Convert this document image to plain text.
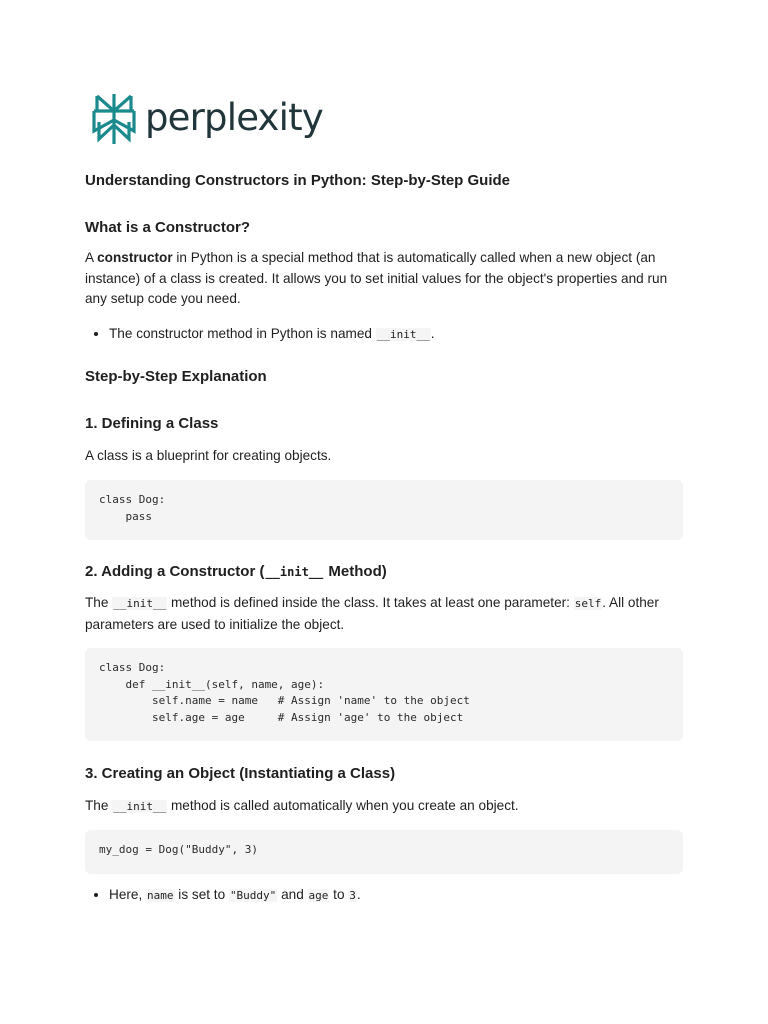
perplexity
Understanding Constructors in Python: Step-by-Step Guide
What is a Constructor?

A constructor in Python is a special method that is automatically called when a new object (an instance) of a class is created. It allows you to set initial values for the object's properties and run any setup code you need.

• The constructor method in Python is named __init__.
Step-by-Step Explanation
1. Defining a Class

A class is a blueprint for creating objects.

class Dog:
pass
2. Adding a Constructor (__init__ Method)

The __init__ method is defined inside the class. It takes at least one parameter: self. All other parameters are used to initialize the object.

class Dog:
def __init__(self, name, age):
self.name = name   # Assign 'name' to the object
self.age = age     # Assign 'age' to the object
3. Creating an Object (Instantiating a Class)

The __init__ method is called automatically when you create an object.

my_dog = Dog("Buddy", 3)
• Here, name is set to "Buddy" and age to 3.
